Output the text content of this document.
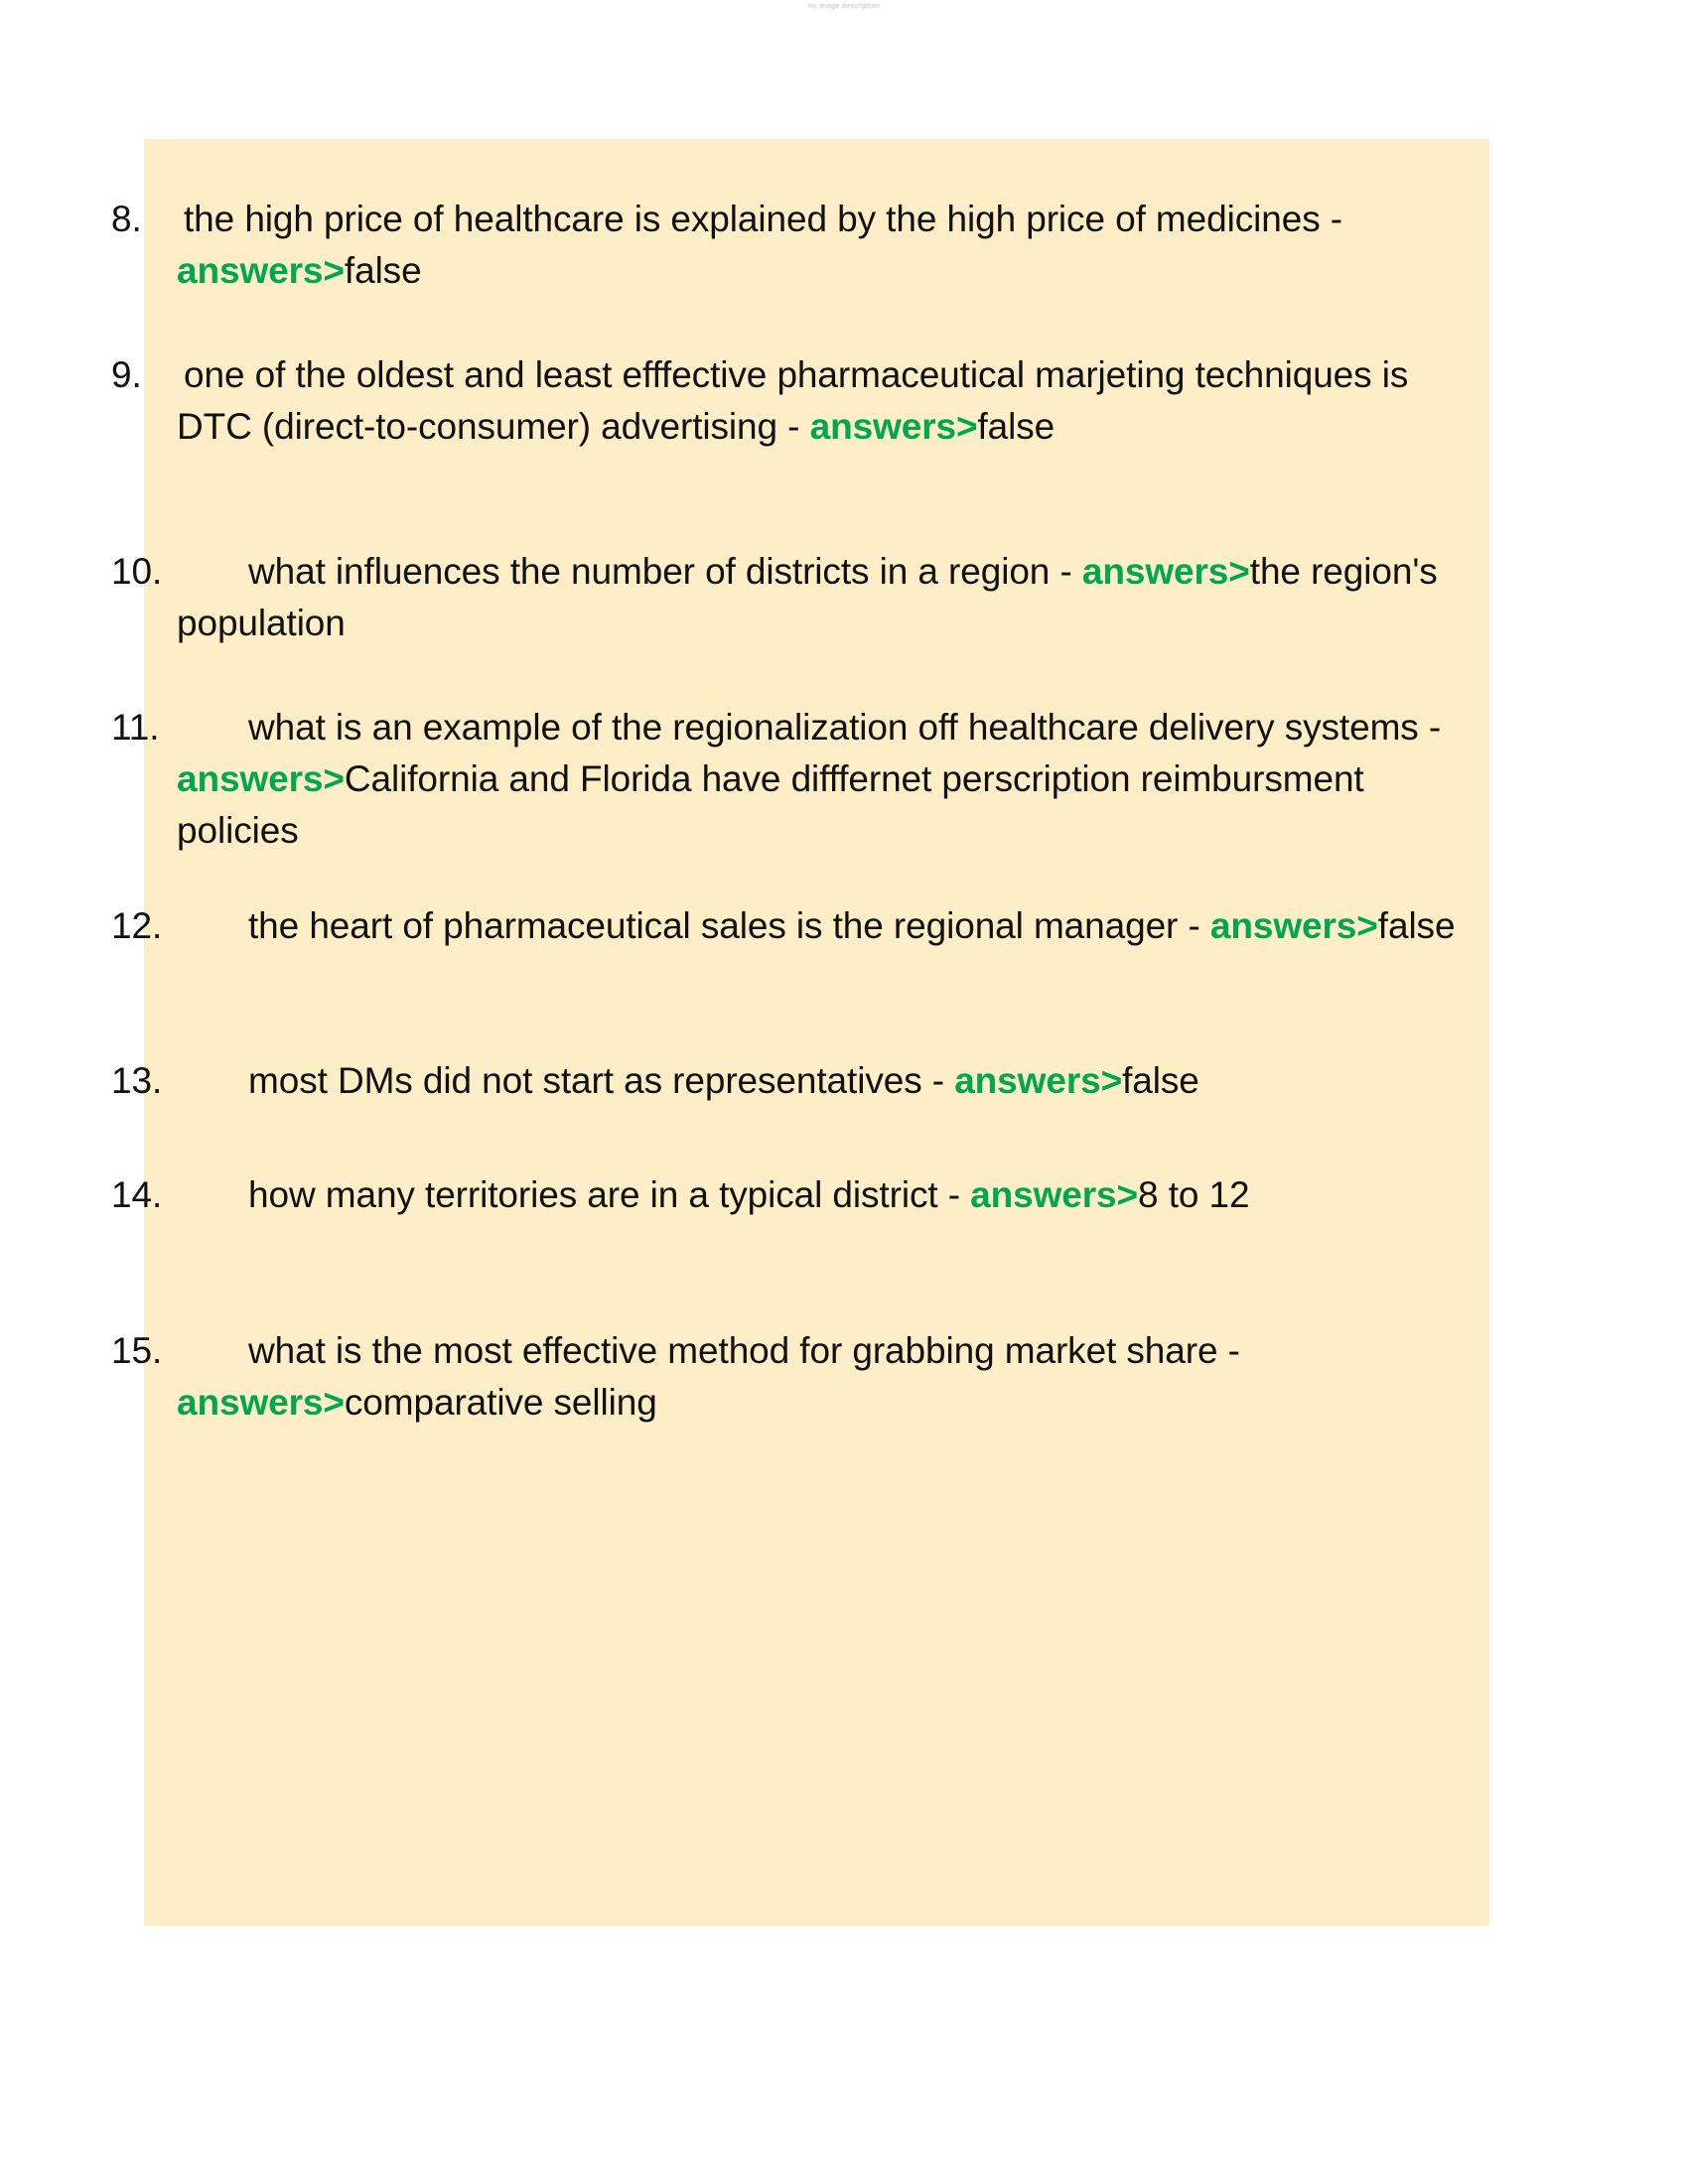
no image description
8. the high price of healthcare is explained by the high price of medicines - answers>false
9. one of the oldest and least efffective pharmaceutical marjeting techniques is DTC (direct-to-consumer) advertising - answers>false
10. what influences the number of districts in a region - answers>the region's population
11. what is an example of the regionalization off healthcare delivery systems - answers>California and Florida have difffernet perscription reimbursment policies
12. the heart of pharmaceutical sales is the regional manager - answers>false
13. most DMs did not start as representatives - answers>false
14. how many territories are in a typical district - answers>8 to 12
15. what is the most effective method for grabbing market share - answers>comparative selling
